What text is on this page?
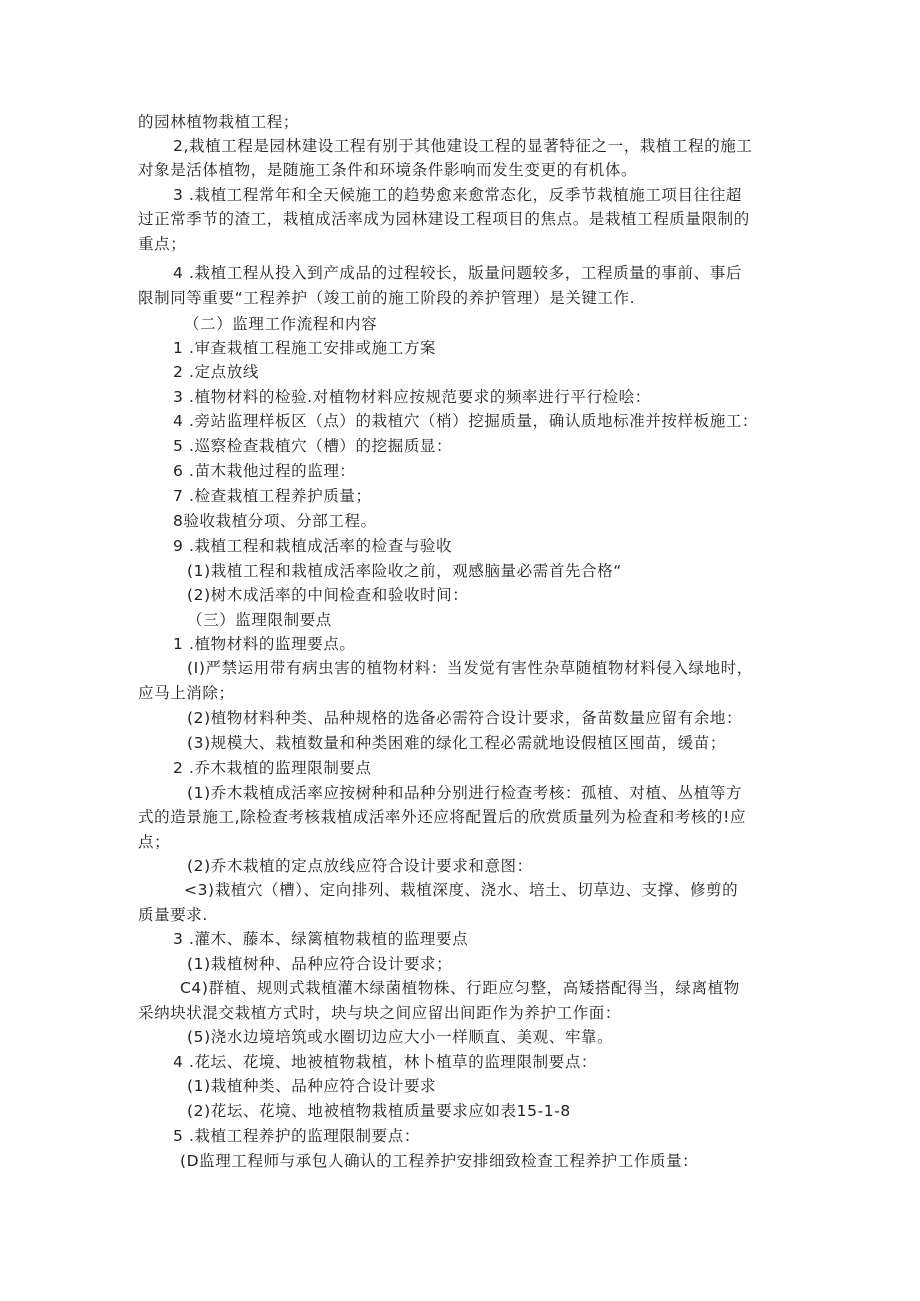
的园林植物栽植工程；
2,栽植工程是园林建设工程有别于其他建设工程的显著特征之一，栽植工程的施工
对象是活体植物，是随施工条件和环境条件影响而发生变更的有机体。
3 .栽植工程常年和全天候施工的趋势愈来愈常态化，反季节栽植施工项目往往超
过正常季节的渣工，栽植成活率成为园林建设工程项目的焦点。是栽植工程质量限制的
重点；
4 .栽植工程从投入到产成品的过程较长，版量问题较多，工程质量的事前、事后
限制同等重要“工程养护（竣工前的施工阶段的养护管理）是关键工作.
（二）监理工作流程和内容
1 .审查栽植工程施工安排或施工方案
2 .定点放线
3 .植物材料的检验.对植物材料应按规范要求的频率进行平行检哙：
4 .旁站监理样板区（点）的栽植穴（梢）挖掘质量，确认质地标准并按样板施工：
5 .巡察检查栽植穴（槽）的挖掘质显：
6 .苗木栽他过程的监理：
7 .检查栽植工程养护质量；
8验收栽植分项、分部工程。
9 .栽植工程和栽植成活率的检查与验收
(1)栽植工程和栽植成活率险收之前，观感脑量必需首先合格“
(2)树木成活率的中间检查和验收时间：
（三）监理限制要点
1 .植物材料的监理要点。
(I)严禁运用带有病虫害的植物材料：当发觉有害性杂草随植物材料侵入绿地时，
应马上消除；
(2)植物材料种类、品种规格的选备必需符合设计要求，备苗数量应留有余地：
(3)规模大、栽植数量和种类困难的绿化工程必需就地设假植区囤苗，缓苗；
2 .乔木栽植的监理限制要点
(1)乔木栽植成活率应按树种和品种分别进行检查考核：孤植、对植、丛植等方
式的造景施工,除检查考核栽植成活率外还应将配置后的欣赏质量列为检査和考核的!应
点；
(2)乔木栽植的定点放线应符合设计要求和意图：
<3)栽植穴（槽）、定向排列、栽植深度、浇水、培土、切草边、支撑、修剪的
质量要求.
3 .灌木、藤本、绿篱植物栽植的监理要点
(1)栽植树种、品种应符合设计要求；
C4)群植、规则式栽植灌木绿菌植物株、行距应匀整，高矮搭配得当，绿离植物
采纳块状混交栽植方式时，块与块之间应留出间距作为养护工作面：
(5)浇水边境培筑或水圈切边应大小一样顺直、美观、牢靠。
4 .花坛、花境、地被植物栽植，林卜植草的监理限制要点：
(1)栽植种类、品种应符合设计要求
(2)花坛、花境、地被植物栽植质量要求应如表15-1-8
5 .栽植工程养护的监理限制要点：
(D监理工程师与承包人确认的工程养护安排细致检查工程养护工作质量：
